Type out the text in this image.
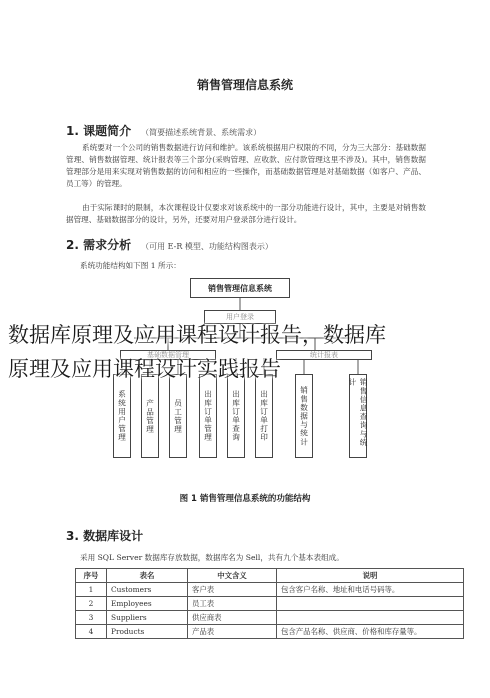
销售管理信息系统
1. 课题简介 （简要描述系统背景、系统需求）
系统要对一个公司的销售数据进行访问和维护。该系统根据用户权限的不同，分为三大部分：基础数据管理、销售数据管理、统计报表等三个部分(采购管理、应收款、应付款管理这里不涉及)。其中，销售数据管理部分是用来实现对销售数据的访问和相应的一些操作，而基础数据管理是对基础数据（如客户、产品、员工等）的管理。
由于实际课时的限制，本次课程设计仅要求对该系统中的一部分功能进行设计，其中，主要是对销售数据管理、基础数据部分的设计，另外，还要对用户登录部分进行设计。
2. 需求分析 （可用 E-R 模型、功能结构图表示）
系统功能结构如下图 1 所示：
销售管理信息系统
用户登录
基础数据管理	统计报表
系统用户管理	产品管理	员工管理	出库订单管理	出库订单查询	出库订单打印	销售数据与统计	销售信息查询与统计
图 1 销售管理信息系统的功能结构
3. 数据库设计
采用 SQL Server 数据库存放数据，数据库名为 Sell，共有九个基本表组成。
序号	表名	中文含义	说明
1	Customers	客户表	包含客户名称、地址和电话号码等。
2	Employees	员工表	
3	Suppliers	供应商表	
4	Products	产品表	包含产品名称、供应商、价格和库存量等。
数据库原理及应用课程设计报告，数据库
原理及应用课程设计实践报告
